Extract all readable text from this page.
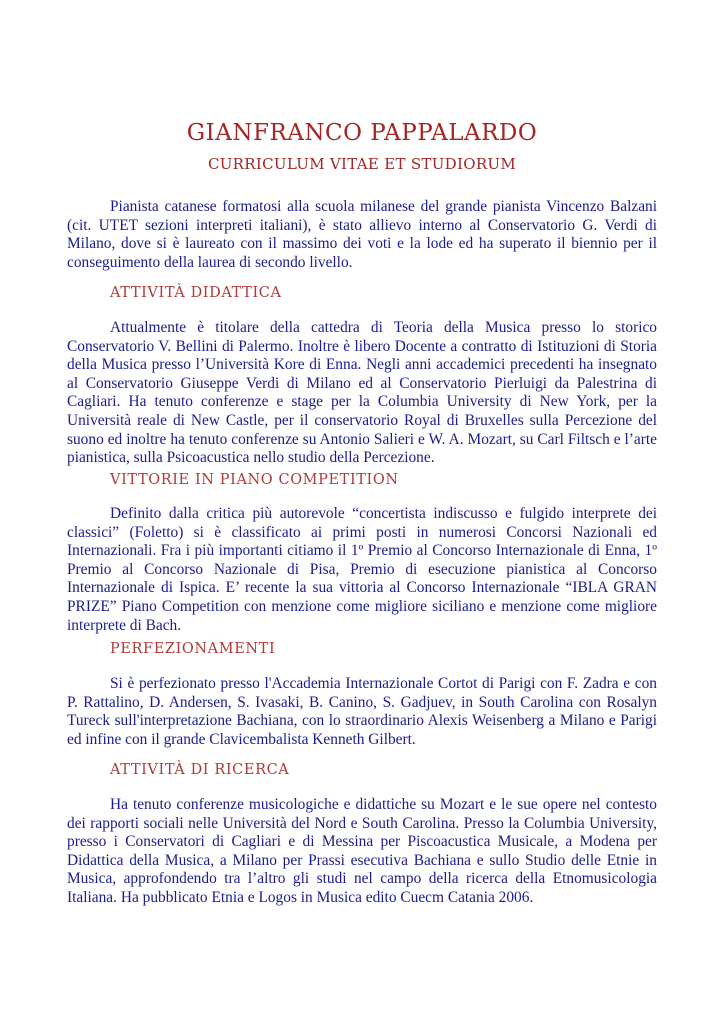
GIANFRANCO PAPPALARDO
CURRICULUM VITAE ET STUDIORUM

Pianista catanese formatosi alla scuola milanese del grande pianista Vincenzo Balzani (cit. UTET sezioni interpreti italiani), è stato allievo interno al Conservatorio G. Verdi di Milano, dove si è laureato con il massimo dei voti e la lode ed ha superato il biennio per il conseguimento della laurea di secondo livello.

ATTIVITÀ DIDATTICA

Attualmente è titolare della cattedra di Teoria della Musica presso lo storico Conservatorio V. Bellini di Palermo. Inoltre è libero Docente a contratto di Istituzioni di Storia della Musica presso l’Università Kore di Enna. Negli anni accademici precedenti ha insegnato al Conservatorio Giuseppe Verdi di Milano ed al Conservatorio Pierluigi da Palestrina di Cagliari. Ha tenuto conferenze e stage per la Columbia University di New York, per la Università reale di New Castle, per il conservatorio Royal di Bruxelles sulla Percezione del suono ed inoltre ha tenuto conferenze su Antonio Salieri e W. A. Mozart, su Carl Filtsch e l’arte pianistica, sulla Psicoacustica nello studio della Percezione.

VITTORIE IN PIANO COMPETITION

Definito dalla critica più autorevole “concertista indiscusso e fulgido interprete dei classici” (Foletto) si è classificato ai primi posti in numerosi Concorsi Nazionali ed Internazionali. Fra i più importanti citiamo il 1º Premio al Concorso Internazionale di Enna, 1º Premio al Concorso Nazionale di Pisa, Premio di esecuzione pianistica al Concorso Internazionale di Ispica. E’ recente la sua vittoria al Concorso Internazionale “IBLA GRAN PRIZE” Piano Competition con menzione come migliore siciliano e menzione come migliore interprete di Bach.

PERFEZIONAMENTI

Si è perfezionato presso l'Accademia Internazionale Cortot di Parigi con F. Zadra e con P. Rattalino, D. Andersen, S. Ivasaki, B. Canino, S. Gadjuev, in South Carolina con Rosalyn Tureck sull'interpretazione Bachiana, con lo straordinario Alexis Weisenberg a Milano e Parigi ed infine con il grande Clavicembalista Kenneth Gilbert.

ATTIVITÀ DI RICERCA

Ha tenuto conferenze musicologiche e didattiche su Mozart e le sue opere nel contesto dei rapporti sociali nelle Università del Nord e South Carolina. Presso la Columbia University, presso i Conservatori di Cagliari e di Messina per Piscoacustica Musicale, a Modena per Didattica della Musica, a Milano per Prassi esecutiva Bachiana e sullo Studio delle Etnie in Musica, approfondendo tra l’altro gli studi nel campo della ricerca della Etnomusicologia Italiana. Ha pubblicato Etnia e Logos in Musica edito Cuecm Catania 2006.
